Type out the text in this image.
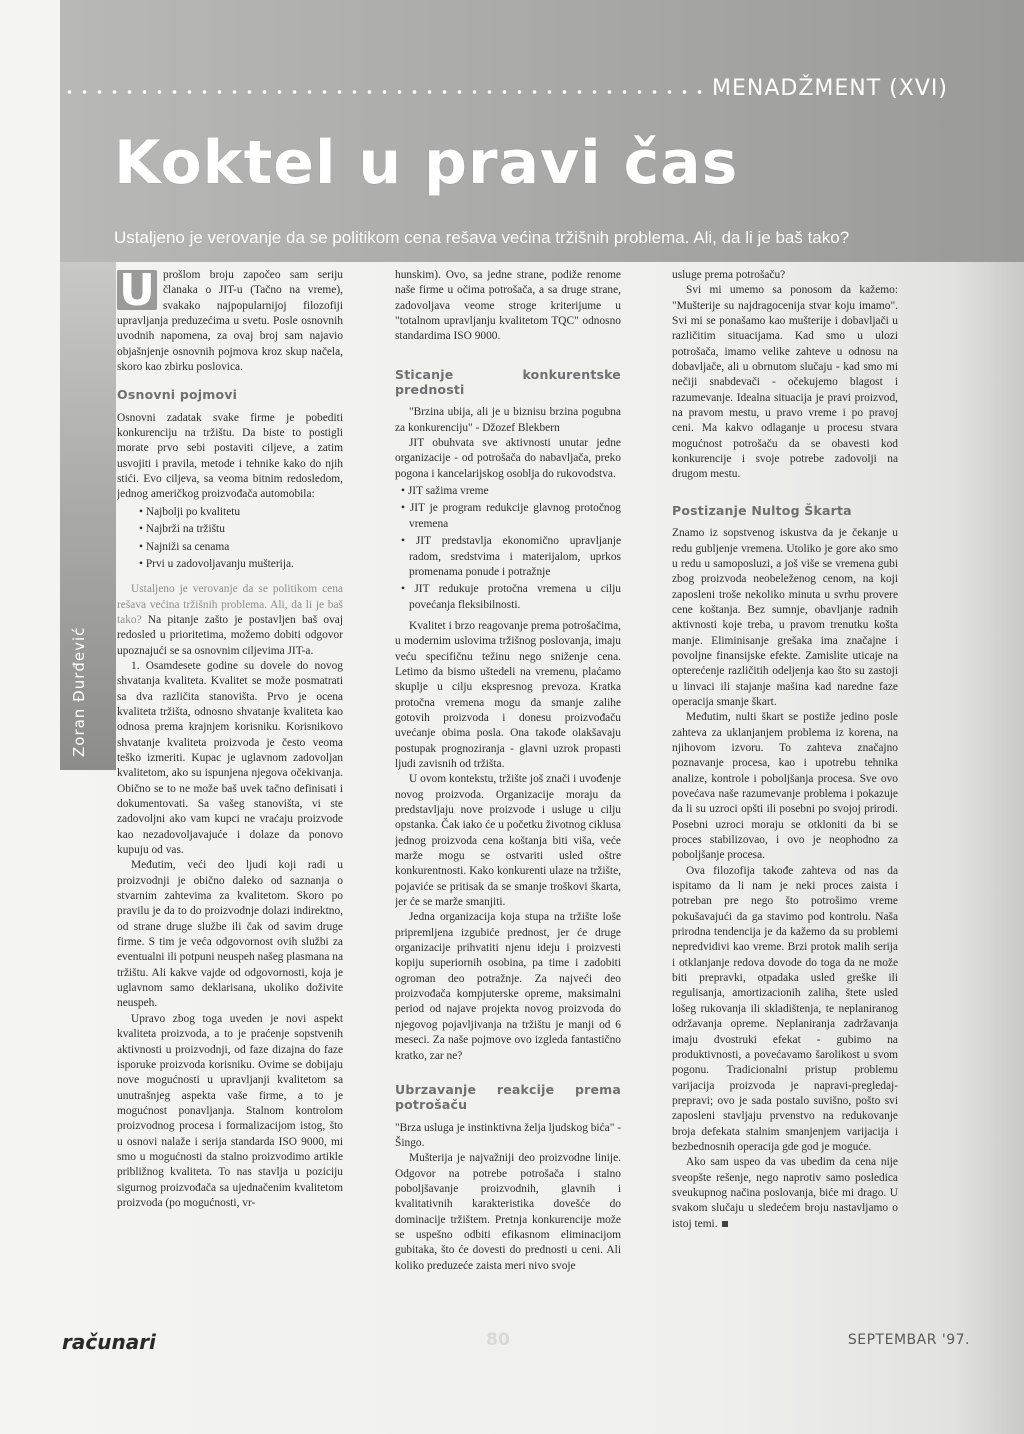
MENADŽMENT (XVI)
Koktel u pravi čas
Ustaljeno je verovanje da se politikom cena rešava većina tržišnih problema. Ali, da li je baš tako?
Zoran Đurđević

U prošlom broju započeo sam seriju članaka o JIT-u (Tačno na vreme), svakako najpopularnijoj filozofiji upravljanja preduzećima u svetu. Posle osnovnih uvodnih napomena, za ovaj broj sam najavio objašnjenje osnovnih pojmova kroz skup načela, skoro kao zbirku poslovica.

Osnovni pojmovi

Osnovni zadatak svake firme je pobediti konkurenciju na tržištu. Da biste to postigli morate prvo sebi postaviti ciljeve, a zatim usvojiti i pravila, metode i tehnike kako do njih stići. Evo ciljeva, sa veoma bitnim redosledom, jednog američkog proizvođača automobila:

• Najbolji po kvalitetu
• Najbrži na tržištu
• Najniži sa cenama
• Prvi u zadovoljavanju mušterija.

Ustaljeno je verovanje da se politikom cena rešava većina tržišnih problema. Ali, da li je baš tako? Na pitanje zašto je postavljen baš ovaj redosled u prioritetima, možemo dobiti odgovor upoznajući se sa osnovnim ciljevima JIT-a.

1. Osamdesete godine su dovele do novog shvatanja kvaliteta. Kvalitet se može posmatrati sa dva različita stanovišta. Prvo je ocena kvaliteta tržišta, odnosno shvatanje kvaliteta kao odnosa prema krajnjem korisniku. Korisnikovo shvatanje kvaliteta proizvoda je često veoma teško izmeriti. Kupac je uglavnom zadovoljan kvalitetom, ako su ispunjena njegova očekivanja. Obično se to ne može baš uvek tačno definisati i dokumentovati. Sa vašeg stanovišta, vi ste zadovoljni ako vam kupci ne vraćaju proizvode kao nezadovoljavajuće i dolaze da ponovo kupuju od vas.

Međutim, veći deo ljudi koji radi u proizvodnji je obično daleko od saznanja o stvarnim zahtevima za kvalitetom. Skoro po pravilu je da to do proizvodnje dolazi indirektno, od strane druge službe ili čak od savim druge firme. S tim je veća odgovornost ovih službi za eventualni ili potpuni neuspeh našeg plasmana na tržištu. Ali kakve vajde od odgovornosti, koja je uglavnom samo deklarisana, ukoliko doživite neuspeh.

Upravo zbog toga uveden je novi aspekt kvaliteta proizvoda, a to je praćenje sopstvenih aktivnosti u proizvodnji, od faze dizajna do faze isporuke proizvoda korisniku. Ovime se dobijaju nove mogućnosti u upravljanji kvalitetom sa unutrašnjeg aspekta vaše firme, a to je mogućnost ponavljanja. Stalnom kontrolom proizvodnog procesa i formalizacijom istog, što u osnovi nalaže i serija standarda ISO 9000, mi smo u mogućnosti da stalno proizvodimo artikle približnog kvaliteta. To nas stavlja u poziciju sigurnog proizvođača sa ujednačenim kvalitetom proizvoda (po mogućnosti, vr-

hunskim). Ovo, sa jedne strane, podiže renome naše firme u očima potrošača, a sa druge strane, zadovoljava veome stroge kriterijume u "totalnom upravljanju kvalitetom TQC" odnosno standardima ISO 9000.

Sticanje konkurentske prednosti

"Brzina ubija, ali je u biznisu brzina pogubna za konkurenciju" - Džozef Blekbern

JIT obuhvata sve aktivnosti unutar jedne organizacije - od potrošača do nabavljača, preko pogona i kancelarijskog osoblja do rukovodstva.

• JIT sažima vreme
• JIT je program redukcije glavnog protočnog vremena
• JIT predstavlja ekonomično upravljanje radom, sredstvima i materijalom, uprkos promenama ponude i potražnje
• JIT redukuje protočna vremena u cilju povećanja fleksibilnosti.

Kvalitet i brzo reagovanje prema potrošačima, u modernim uslovima tržišnog poslovanja, imaju veću specifičnu težinu nego sniženje cena. Letimo da bismo uštedeli na vremenu, plaćamo skuplje u cilju ekspresnog prevoza. Kratka protočna vremena mogu da smanje zalihe gotovih proizvoda i donesu proizvođaču uvećanje obima posla. Ona takođe olakšavaju postupak prognoziranja - glavni uzrok propasti ljudi zavisnih od tržišta.

U ovom kontekstu, tržište još znači i uvođenje novog proizvoda. Organizacije moraju da predstavljaju nove proizvode i usluge u cilju opstanka. Čak iako će u početku životnog ciklusa jednog proizvoda cena koštanja biti viša, veće marže mogu se ostvariti usled oštre konkurentnosti. Kako konkurenti ulaze na tržište, pojaviće se pritisak da se smanje troškovi škarta, jer će se marže smanjiti.

Jedna organizacija koja stupa na tržište loše pripremljena izgubiće prednost, jer će druge organizacije prihvatiti njenu ideju i proizvesti kopiju superiornih osobina, pa time i zadobiti ogroman deo potražnje. Za najveći deo proizvođača kompjuterske opreme, maksimalni period od najave projekta novog proizvoda do njegovog pojavljivanja na tržištu je manji od 6 meseci. Za naše pojmove ovo izgleda fantastično kratko, zar ne?

Ubrzavanje reakcije prema potrošaču

"Brza usluga je instinktivna želja ljudskog bića" - Šingo.

Mušterija je najvažniji deo proizvodne linije. Odgovor na potrebe potrošača i stalno poboljšavanje proizvodnih, glavnih i kvalitativnih karakteristika dovešće do dominacije tržištem. Pretnja konkurencije može se uspešno odbiti efikasnom eliminacijom gubitaka, što će dovesti do prednosti u ceni. Ali koliko preduzeće zaista meri nivo svoje

usluge prema potrošaču?

Svi mi umemo sa ponosom da kažemo: "Mušterije su najdragocenija stvar koju imamo". Svi mi se ponašamo kao mušterije i dobavljači u različitim situacijama. Kad smo u ulozi potrošača, imamo velike zahteve u odnosu na dobavljače, ali u obrnutom slučaju - kad smo mi nečiji snabdevači - očekujemo blagost i razumevanje. Idealna situacija je pravi proizvod, na pravom mestu, u pravo vreme i po pravoj ceni. Ma kakvo odlaganje u procesu stvara mogućnost potrošaču da se obavesti kod konkurencije i svoje potrebe zadovolji na drugom mestu.

Postizanje Nultog Škarta

Znamo iz sopstvenog iskustva da je čekanje u redu gubljenje vremena. Utoliko je gore ako smo u redu u samoposluzi, a još više se vremena gubi zbog proizvoda neobeleženog cenom, na koji zaposleni troše nekoliko minuta u svrhu provere cene koštanja. Bez sumnje, obavljanje radnih aktivnosti koje treba, u pravom trenutku košta manje. Eliminisanje grešaka ima značajne i povoljne finansijske efekte. Zamislite uticaje na opterećenje različitih odeljenja kao što su zastoji u linvaci ili stajanje mašina kad naredne faze operacija smanje škart.

Međutim, nulti škart se postiže jedino posle zahteva za uklanjanjem problema iz korena, na njihovom izvoru. To zahteva značajno poznavanje procesa, kao i upotrebu tehnika analize, kontrole i poboljšanja procesa. Sve ovo povećava naše razumevanje problema i pokazuje da li su uzroci opšti ili posebni po svojoj prirodi. Posebni uzroci moraju se otkloniti da bi se proces stabilizovao, i ovo je neophodno za poboljšanje procesa.

Ova filozofija takođe zahteva od nas da ispitamo da li nam je neki proces zaista i potreban pre nego što potrošimo vreme pokušavajući da ga stavimo pod kontrolu. Naša prirodna tendencija je da kažemo da su problemi nepredvidivi kao vreme. Brzi protok malih serija i otklanjanje redova dovode do toga da ne može biti prepravki, otpadaka usled greške ili regulisanja, amortizacionih zaliha, štete usled lošeg rukovanja ili skladištenja, te neplaniranog održavanja opreme. Neplaniranja zadržavanja imaju dvostruki efekat - gubimo na produktivnosti, a povećavamo šarolikost u svom pogonu. Tradicionalni pristup problemu varijacija proizvoda je napravi-pregledaj-prepravi; ovo je sada postalo suvišno, pošto svi zaposleni stavljaju prvenstvo na redukovanje broja defekata stalnim smanjenjem varijacija i bezbednosnih operacija gde god je moguće.

Ako sam uspeo da vas ubedim da cena nije sveopšte rešenje, nego naprotiv samo posledica sveukupnog načina poslovanja, biće mi drago. U svakom slučaju u sledećem broju nastavljamo o istoj temi.

računari	80	SEPTEMBAR '97.
